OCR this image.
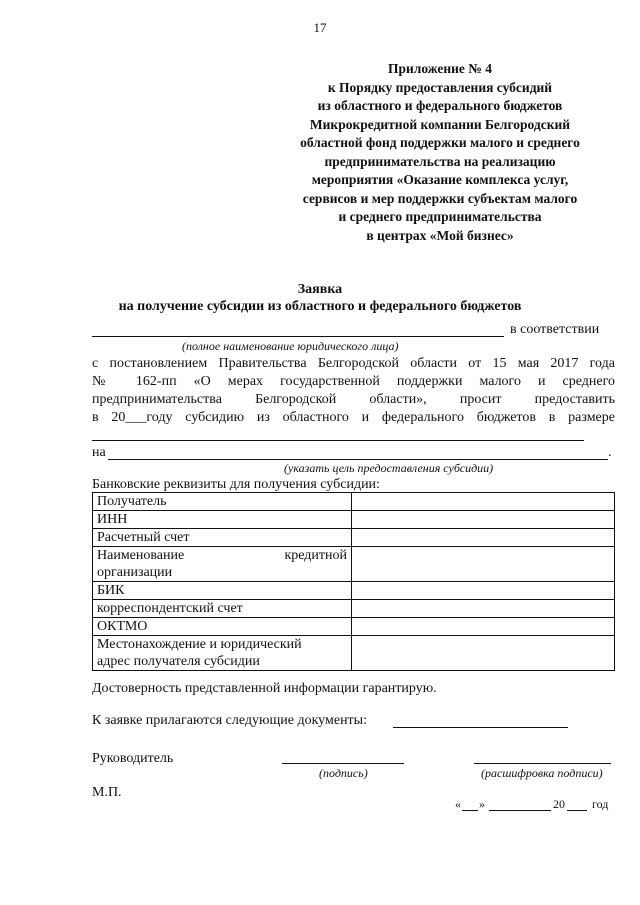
17
Приложение № 4
к Порядку предоставления субсидий
из областного и федерального бюджетов
Микрокредитной компании Белгородский
областной фонд поддержки малого и среднего
предпринимательства на реализацию
мероприятия «Оказание комплекса услуг,
сервисов и мер поддержки субъектам малого
и среднего предпринимательства
в центрах «Мой бизнес»
Заявка
на получение субсидии из областного и федерального бюджетов
в соответствии
(полное наименование юридического лица)
с постановлением Правительства Белгородской области от 15 мая 2017 года
№ 162-пп «О мерах государственной поддержки малого и среднего
предпринимательства Белгородской области», просит предоставить
в 20___году субсидию из областного и федерального бюджетов в размере
на	.
(указать цель предоставления субсидии)
Банковские реквизиты для получения субсидии:
Получатель	
ИНН	
Расчетный счет	

Наименование кредитной
организации	

БИК	
корреспондентский счет	
ОКТМО	

Местонахождение и юридический
адрес получателя субсидии	

Достоверность представленной информации гарантирую.
К заявке прилагаются следующие документы:
Руководитель
(подпись)	(расшифровка подписи)
М.П.
« »	20 год
